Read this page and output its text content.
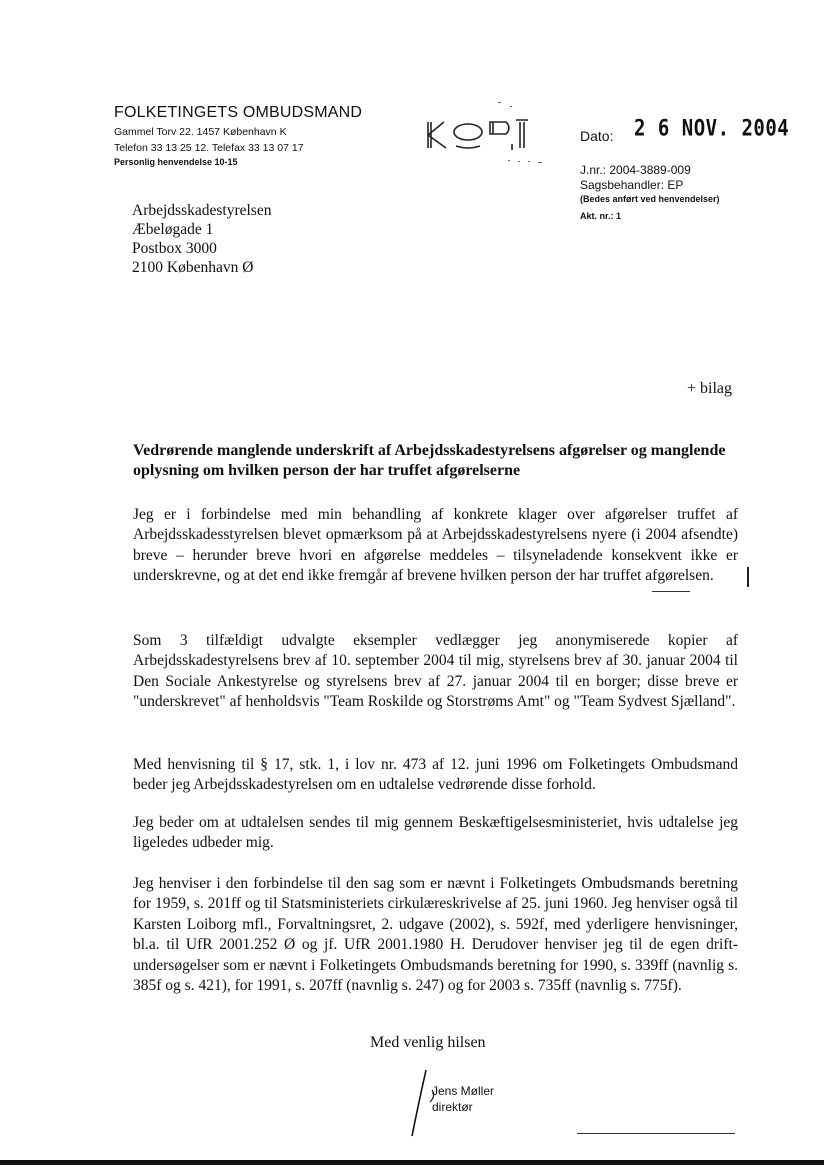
FOLKETINGETS OMBUDSMAND
Gammel Torv 22. 1457 København K
Telefon 33 13 25 12. Telefax 33 13 07 17
Personlig henvendelse 10-15
Dato: 2 6 NOV. 2004
J.nr.: 2004-3889-009
Sagsbehandler: EP
(Bedes anført ved henvendelser)
Akt. nr.: 1
Arbejdsskadestyrelsen
Æbeløgade 1
Postbox 3000
2100 København Ø
+ bilag
Vedrørende manglende underskrift af Arbejdsskadestyrelsens afgørelser og manglende oplysning om hvilken person der har truffet afgørelserne
Jeg er i forbindelse med min behandling af konkrete klager over afgørelser truffet af Arbejdsskadesstyrelsen blevet opmærksom på at Arbejdsskadestyrelsens nyere (i 2004 afsendte) breve – herunder breve hvori en afgørelse meddeles – tilsyneladende konsekvent ikke er underskrevne, og at det end ikke fremgår af brevene hvilken person der har truffet afgørelsen.
Som 3 tilfældigt udvalgte eksempler vedlægger jeg anonymiserede kopier af Arbejdsskadestyrelsens brev af 10. september 2004 til mig, styrelsens brev af 30. januar 2004 til Den Sociale Ankestyrelse og styrelsens brev af 27. januar 2004 til en borger; disse breve er "underskrevet" af henholdsvis "Team Roskilde og Storstrøms Amt" og "Team Sydvest Sjælland".
Med henvisning til § 17, stk. 1, i lov nr. 473 af 12. juni 1996 om Folketingets Ombudsmand beder jeg Arbejdsskadestyrelsen om en udtalelse vedrørende disse forhold.
Jeg beder om at udtalelsen sendes til mig gennem Beskæftigelsesministeriet, hvis udtalelse jeg ligeledes udbeder mig.
Jeg henviser i den forbindelse til den sag som er nævnt i Folketingets Ombudsmands beretning for 1959, s. 201ff og til Statsministeriets cirkulæreskrivelse af 25. juni 1960. Jeg henviser også til Karsten Loiborg mfl., Forvaltningsret, 2. udgave (2002), s. 592f, med yderligere henvisninger, bl.a. til UfR 2001.252 Ø og jf. UfR 2001.1980 H. Derudover henviser jeg til de egen drift-undersøgelser som er nævnt i Folketingets Ombudsmands beretning for 1990, s. 339ff (navnlig s. 385f og s. 421), for 1991, s. 207ff (navnlig s. 247) og for 2003 s. 735ff (navnlig s. 775f).
Med venlig hilsen
Jens Møller
direktør
